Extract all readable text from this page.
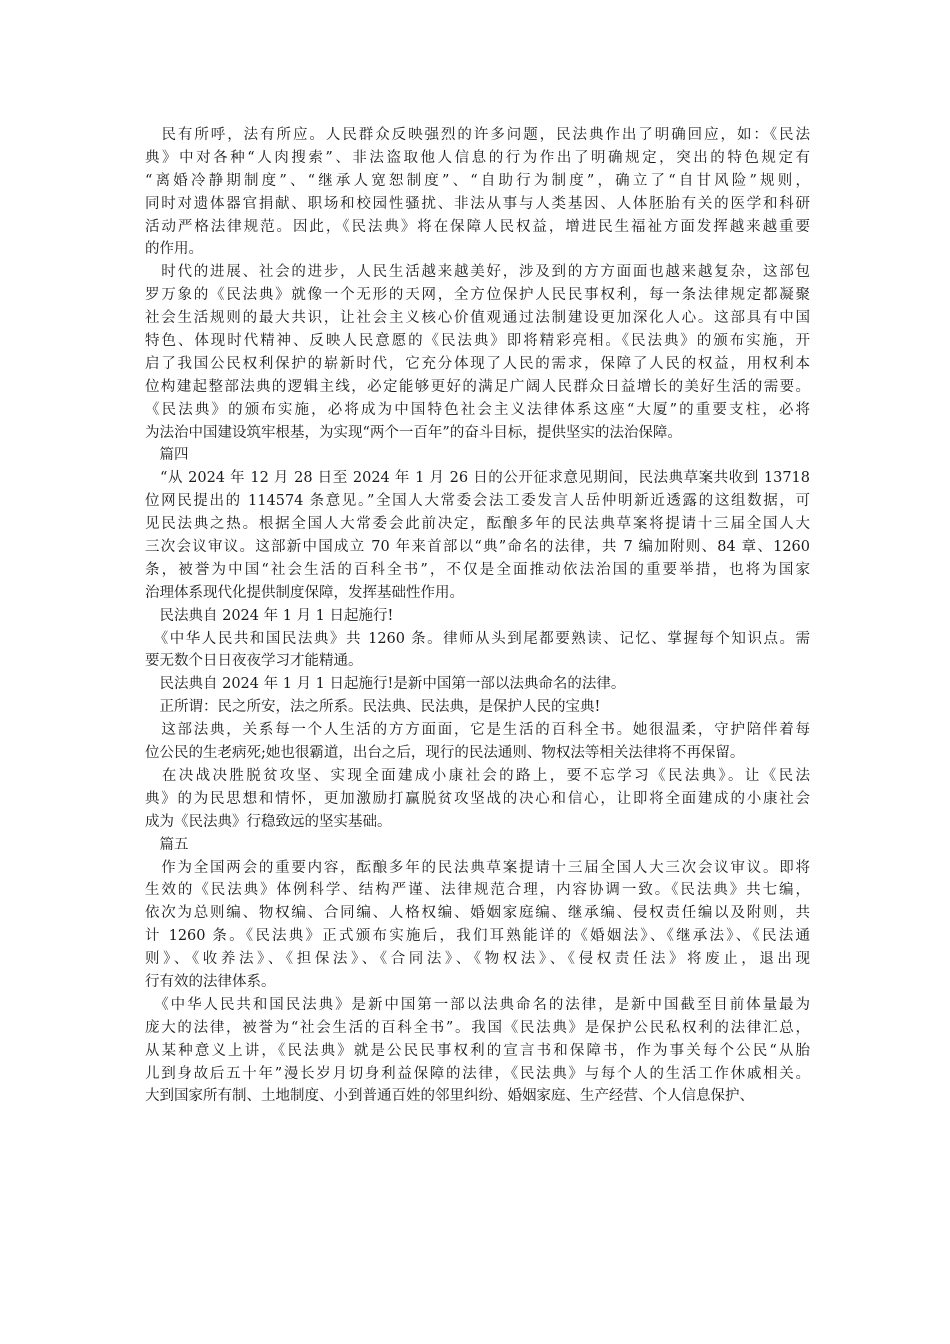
　民有所呼，法有所应。人民群众反映强烈的许多问题，民法典作出了明确回应，如：《民法
典》中对各种“人肉搜索”、非法盗取他人信息的行为作出了明确规定，突出的特色规定有
“离婚冷静期制度”、“继承人宽恕制度”、“自助行为制度”，确立了“自甘风险”规则，
同时对遗体器官捐献、职场和校园性骚扰、非法从事与人类基因、人体胚胎有关的医学和科研
活动严格法律规范。因此，《民法典》将在保障人民权益，增进民生福祉方面发挥越来越重要
的作用。
　时代的进展、社会的进步，人民生活越来越美好，涉及到的方方面面也越来越复杂，这部包
罗万象的《民法典》就像一个无形的天网，全方位保护人民民事权利，每一条法律规定都凝聚
社会生活规则的最大共识，让社会主义核心价值观通过法制建设更加深化人心。这部具有中国
特色、体现时代精神、反映人民意愿的《民法典》即将精彩亮相。《民法典》的颁布实施，开
启了我国公民权利保护的崭新时代，它充分体现了人民的需求，保障了人民的权益，用权利本
位构建起整部法典的逻辑主线，必定能够更好的满足广阔人民群众日益增长的美好生活的需要。
《民法典》的颁布实施，必将成为中国特色社会主义法律体系这座“大厦”的重要支柱，必将
为法治中国建设筑牢根基，为实现“两个一百年”的奋斗目标，提供坚实的法治保障。
　篇四
　“从 2024 年 12 月 28 日至 2024 年 1 月 26 日的公开征求意见期间，民法典草案共收到 13718
位网民提出的 114574 条意见。”全国人大常委会法工委发言人岳仲明新近透露的这组数据，可
见民法典之热。根据全国人大常委会此前决定，酝酿多年的民法典草案将提请十三届全国人大
三次会议审议。这部新中国成立 70 年来首部以“典”命名的法律，共 7 编加附则、84 章、1260
条，被誉为中国“社会生活的百科全书”，不仅是全面推动依法治国的重要举措，也将为国家
治理体系现代化提供制度保障，发挥基础性作用。
　民法典自 2024 年 1 月 1 日起施行!
　《中华人民共和国民法典》共 1260 条。律师从头到尾都要熟读、记忆、掌握每个知识点。需
要无数个日日夜夜学习才能精通。
　民法典自 2024 年 1 月 1 日起施行!是新中国第一部以法典命名的法律。
　正所谓：民之所安，法之所系。民法典、民法典，是保护人民的宝典!
　这部法典，关系每一个人生活的方方面面，它是生活的百科全书。她很温柔，守护陪伴着每
位公民的生老病死;她也很霸道，出台之后，现行的民法通则、物权法等相关法律将不再保留。
　在决战决胜脱贫攻坚、实现全面建成小康社会的路上，要不忘学习《民法典》。让《民法
典》的为民思想和情怀，更加激励打赢脱贫攻坚战的决心和信心，让即将全面建成的小康社会
成为《民法典》行稳致远的坚实基础。
　篇五
　作为全国两会的重要内容，酝酿多年的民法典草案提请十三届全国人大三次会议审议。即将
生效的《民法典》体例科学、结构严谨、法律规范合理，内容协调一致。《民法典》共七编，
依次为总则编、物权编、合同编、人格权编、婚姻家庭编、继承编、侵权责任编以及附则，共
计 1260 条。《民法典》正式颁布实施后，我们耳熟能详的《婚姻法》、《继承法》、《民法通
则》、《收养法》、《担保法》、《合同法》、《物权法》、《侵权责任法》将废止，退出现
行有效的法律体系。
　《中华人民共和国民法典》是新中国第一部以法典命名的法律，是新中国截至目前体量最为
庞大的法律，被誉为“社会生活的百科全书”。我国《民法典》是保护公民私权利的法律汇总，
从某种意义上讲，《民法典》就是公民民事权利的宣言书和保障书，作为事关每个公民“从胎
儿到身故后五十年”漫长岁月切身利益保障的法律，《民法典》与每个人的生活工作休戚相关。
大到国家所有制、土地制度、小到普通百姓的邻里纠纷、婚姻家庭、生产经营、个人信息保护、
